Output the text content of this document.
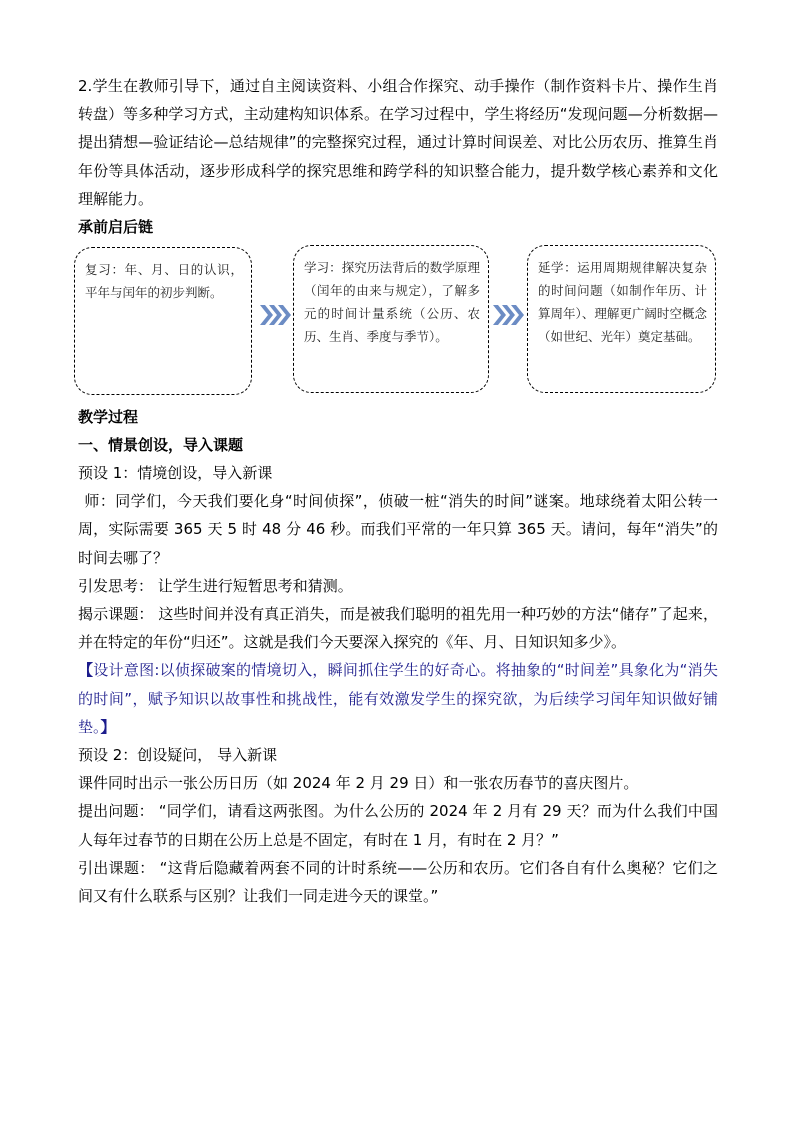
2.学生在教师引导下，通过自主阅读资料、小组合作探究、动手操作（制作资料卡片、操作生肖转盘）等多种学习方式，主动建构知识体系。在学习过程中，学生将经历“发现问题—分析数据—提出猜想—验证结论—总结规律”的完整探究过程，通过计算时间误差、对比公历农历、推算生肖年份等具体活动，逐步形成科学的探究思维和跨学科的知识整合能力，提升数学核心素养和文化理解能力。

承前启后链

复习：年、月、日的认识，平年与闰年的初步判断。
学习：探究历法背后的数学原理（闰年的由来与规定），了解多元的时间计量系统（公历、农历、生肖、季度与季节）。
延学：运用周期规律解决复杂的时间问题（如制作年历、计算周年）、理解更广阔时空概念（如世纪、光年）奠定基础。

教学过程

一、情景创设，导入课题

预设 1：情境创设，导入新课

师：同学们，今天我们要化身“时间侦探”，侦破一桩“消失的时间”谜案。地球绕着太阳公转一周，实际需要 365 天 5 时 48 分 46 秒。而我们平常的一年只算 365 天。请问，每年“消失”的时间去哪了？

引发思考： 让学生进行短暂思考和猜测。

揭示课题： 这些时间并没有真正消失，而是被我们聪明的祖先用一种巧妙的方法“储存”了起来，并在特定的年份“归还”。这就是我们今天要深入探究的《年、月、日知识知多少》。

【设计意图:以侦探破案的情境切入，瞬间抓住学生的好奇心。将抽象的“时间差”具象化为“消失的时间”，赋予知识以故事性和挑战性，能有效激发学生的探究欲，为后续学习闰年知识做好铺垫。】

预设 2：创设疑问， 导入新课

课件同时出示一张公历日历（如 2024 年 2 月 29 日）和一张农历春节的喜庆图片。

提出问题： “同学们，请看这两张图。为什么公历的 2024 年 2 月有 29 天？而为什么我们中国人每年过春节的日期在公历上总是不固定，有时在 1 月，有时在 2 月？”

引出课题： “这背后隐藏着两套不同的计时系统——公历和农历。它们各自有什么奥秘？它们之间又有什么联系与区别？让我们一同走进今天的课堂。”
